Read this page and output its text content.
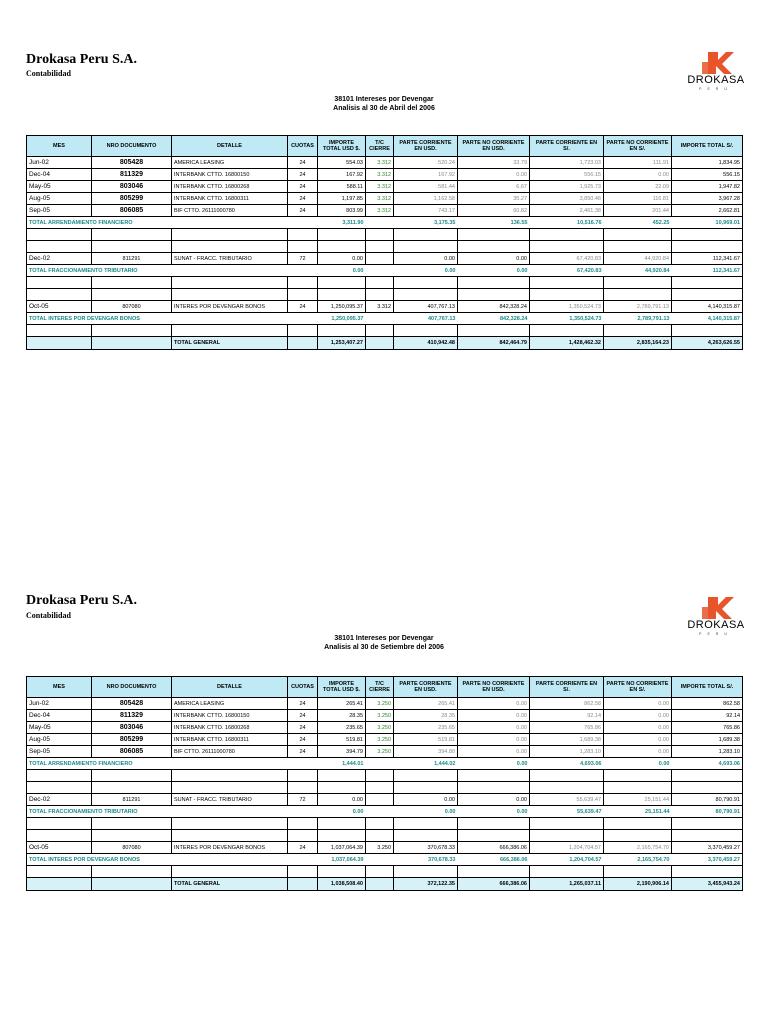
Drokasa Peru S.A.
Contabilidad
DROKASA
PERU
38101 Intereses por Devengar
Analisis al 30 de Abril del 2006
MES	NRO DOCUMENTO	DETALLE	CUOTAS	IMPORTE TOTAL USD $.	T/C CIERRE	PARTE CORRIENTE EN USD.	PARTE NO CORRIENTE EN USD.	PARTE CORRIENTE EN S/.	PARTE NO CORRIENTE EN S/.	IMPORTE TOTAL S/.
Jun-02	805428	AMERICA LEASING	24	554.03	3.312	520.24	33.79	1,723.03	111.91	1,834.95
Dec-04	811329	INTERBANK CTTO. 16800150	24	167.92	3.312	167.92	0.00	556.15	0.00	556.15
May-05	803046	INTERBANK CTTO. 16800268	24	588.11	3.312	581.44	6.67	1,925.73	22.09	1,947.82
Aug-05	805299	INTERBANK CTTO. 16800311	24	1,197.85	3.312	1,162.58	35.27	3,850.46	116.81	3,967.28
Sep-05	806085	BIF CTTO. 26111000780	24	803.99	3.312	743.17	60.82	2,461.38	201.44	2,662.81
TOTAL ARRENDAMIENTO FINANCIERO				3,311.90		3,175.35	136.55	10,516.76	452.25	10,969.01

Dec-02	811291	SUNAT - FRACC. TRIBUTARIO	72	0.00		0.00	0.00	67,420.83	44,920.84	112,341.67
TOTAL FRACCIONAMIENTO TRIBUTARIO				0.00		0.00	0.00	67,420.83	44,920.84	112,341.67

Oct-05	807080	INTERES POR DEVENGAR BONOS	24	1,250,095.37	3.312	407,767.13	842,328.24	1,350,524.73	2,789,791.13	4,140,315.87
TOTAL INTERES POR DEVENGAR BONOS				1,250,095.37		407,767.13	842,328.24	1,350,524.73	2,789,791.13	4,140,315.87

		TOTAL GENERAL		1,253,407.27		410,942.48	842,464.79	1,428,462.32	2,835,164.23	4,263,626.55
Drokasa Peru S.A.
Contabilidad
DROKASA
PERU
38101 Intereses por Devengar
Analisis al 30 de Setiembre del 2006
MES	NRO DOCUMENTO	DETALLE	CUOTAS	IMPORTE TOTAL USD $.	T/C CIERRE	PARTE CORRIENTE EN USD.	PARTE NO CORRIENTE EN USD.	PARTE CORRIENTE EN S/.	PARTE NO CORRIENTE EN S/.	IMPORTE TOTAL S/.
Jun-02	805428	AMERICA LEASING	24	265.41	3.250	265.41	0.00	862.58	0.00	862.58
Dec-04	811329	INTERBANK CTTO. 16800150	24	28.35	3.250	28.35	0.00	92.14	0.00	92.14
May-05	803046	INTERBANK CTTO. 16800268	24	235.65	3.250	235.65	0.00	765.86	0.00	765.86
Aug-05	805299	INTERBANK CTTO. 16800311	24	519.81	3.250	519.81	0.00	1,689.38	0.00	1,689.38
Sep-05	806085	BIF CTTO. 26111000780	24	394.79	3.250	394.80	0.00	1,283.10	0.00	1,283.10
TOTAL ARRENDAMIENTO FINANCIERO				1,444.01		1,444.02	0.00	4,693.06	0.00	4,693.06

Dec-02	811291	SUNAT - FRACC. TRIBUTARIO	72	0.00		0.00	0.00	55,639.47	25,151.44	80,790.91
TOTAL FRACCIONAMIENTO TRIBUTARIO				0.00		0.00	0.00	55,639.47	25,151.44	80,790.91

Oct-05	807080	INTERES POR DEVENGAR BONOS	24	1,037,064.39	3.250	370,678.33	666,386.06	1,204,704.57	2,165,754.70	3,370,459.27
TOTAL INTERES POR DEVENGAR BONOS				1,037,064.39		370,678.33	666,386.06	1,204,704.57	2,165,754.70	3,370,459.27

		TOTAL GENERAL		1,038,508.40		372,122.35	666,386.06	1,265,037.11	2,190,906.14	3,455,943.24
